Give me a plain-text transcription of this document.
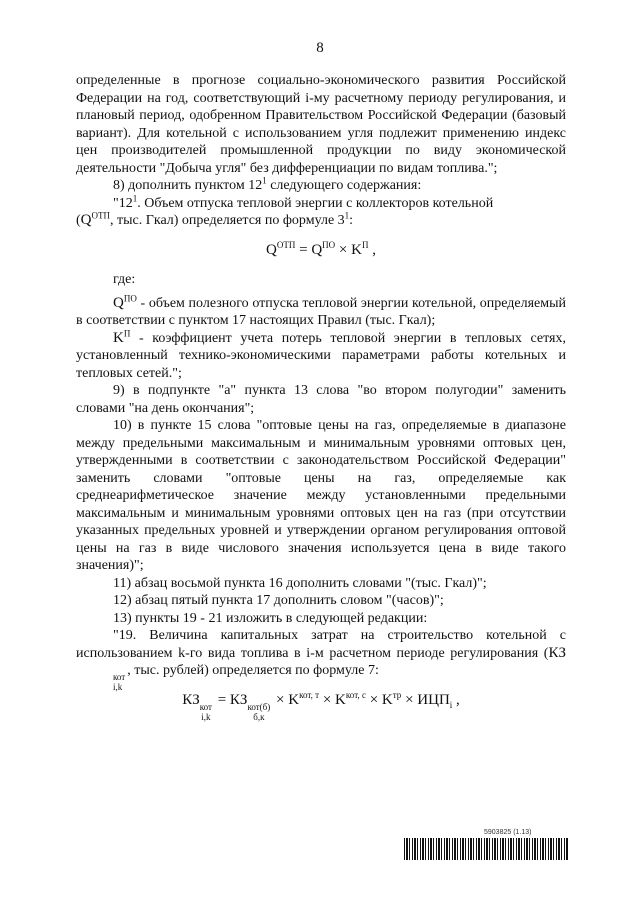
8

определенные в прогнозе социально-экономического развития Российской Федерации на год, соответствующий i-му расчетному периоду регулирования, и плановый период, одобренном Правительством Российской Федерации (базовый вариант). Для котельной с использованием угля подлежит применению индекс цен производителей промышленной продукции по виду экономической деятельности "Добыча угля" без дифференциации по видам топлива.";

8) дополнить пунктом $12^1$ следующего содержания:

"$12^1$. Объем отпуска тепловой энергии с коллекторов котельной

($Q^{ОТП}$, тыс. Гкал) определяется по формуле $3^1$:

$Q^{ОТП} = Q^{ПО} \times K^П$ ,

где:

$Q^{ПО}$ - объем полезного отпуска тепловой энергии котельной, определяемый в соответствии с пунктом 17 настоящих Правил (тыс. Гкал);

$K^П$ - коэффициент учета потерь тепловой энергии в тепловых сетях, установленный технико-экономическими параметрами работы котельных и тепловых сетей.";

9) в подпункте "а" пункта 13 слова "во втором полугодии" заменить словами "на день окончания";

10) в пункте 15 слова "оптовые цены на газ, определяемые в диапазоне между предельными максимальным и минимальным уровнями оптовых цен, утвержденными в соответствии с законодательством Российской Федерации" заменить словами "оптовые цены на газ, определяемые как среднеарифметическое значение между установленными предельными максимальным и минимальным уровнями оптовых цен на газ (при отсутствии указанных предельных уровней и утверждении органом регулирования оптовой цены на газ в виде числового значения используется цена в виде такого значения)";

11) абзац восьмой пункта 16 дополнить словами "(тыс. Гкал)";

12) абзац пятый пункта 17 дополнить словом "(часов)";

13) пункты 19 - 21 изложить в следующей редакции:

"19. Величина капитальных затрат на строительство котельной с использованием k-го вида топлива в i-м расчетном периоде регулирования (КЗ
кот
i,k
, тыс. рублей) определяется по формуле 7:

КЗ кот
i,k
= КЗ кот(б)
б,к
× $K^{кот, т} \times K^{кот, с} \times K^{тр} \times ИЦП_i$ ,

5903825 (1.13)
